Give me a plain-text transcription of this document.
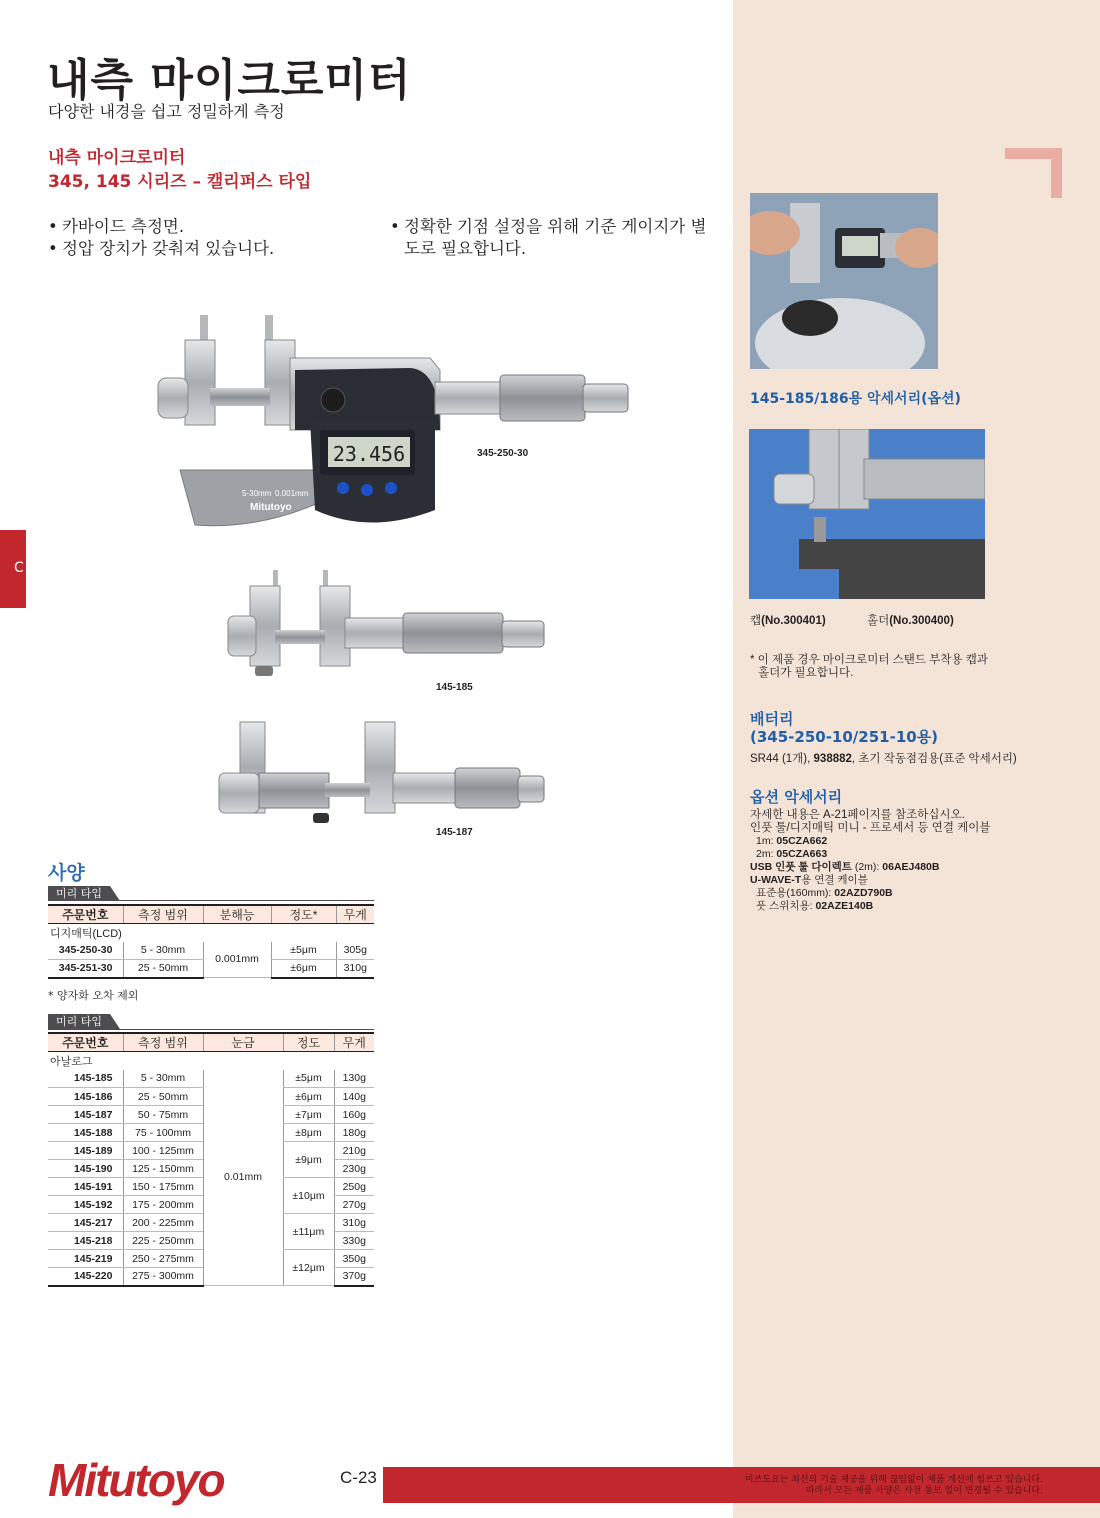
내측 마이크로미터
다양한 내경을 쉽고 정밀하게 측정
내측 마이크로미터
345, 145 시리즈 – 캘리퍼스 타입
• 카바이드 측정면.
• 정압 장치가 갖춰져 있습니다.
• 정확한 기점 설정을 위해 기준 게이지가 별도로 필요합니다.
C
23.456
5-30mm 0.001mm
Mitutoyo
345-250-30
145-185
145-187
사양
미리 타입
주문번호	측정 범위	분해능	정도*	무게
디지매틱(LCD)				
345-250-30	5 - 30mm	0.001mm	±5μm	305g
345-251-30	25 - 50mm		±6μm	310g
* 양자화 오차 제외
미리 타입
주문번호	측정 범위	눈금	정도	무게
아날로그				
145-185	5 - 30mm	0.01mm	±5μm	130g
145-186	25 - 50mm		±6μm	140g
145-187	50 - 75mm		±7μm	160g
145-188	75 - 100mm		±8μm	180g
145-189	100 - 125mm		±9μm	210g
145-190	125 - 150mm			230g
145-191	150 - 175mm		±10μm	250g
145-192	175 - 200mm			270g
145-217	200 - 225mm		±11μm	310g
145-218	225 - 250mm			330g
145-219	250 - 275mm		±12μm	350g
145-220	275 - 300mm			370g
145-185/186용 악세서리(옵션)
캡(No.300401)	홀더(No.300400)
* 이 제품 경우 마이크로미터 스탠드 부착용 캡과
홀더가 필요합니다.
배터리
(345-250-10/251-10용)
SR44 (1개), 938882, 초기 작동점검용(표준 악세서리)
옵션 악세서리
자세한 내용은 A-21페이지를 참조하십시오.
인풋 툴/디지매틱 미니 - 프로세서 등 연결 케이블
1m: 05CZA662
2m: 05CZA663
USB 인풋 툴 다이렉트 (2m): 06AEJ480B
U-WAVE-T용 연결 케이블
표준용(160mm): 02AZD790B
풋 스위치용: 02AZE140B
Mitutoyo	C-23	미쓰도요는 최신의 기술 제공을 위해 끊임없이 제품 개선에 힘쓰고 있습니다.
따라서 모든 제품 사양은 사전 통보 없이 변경될 수 있습니다.
